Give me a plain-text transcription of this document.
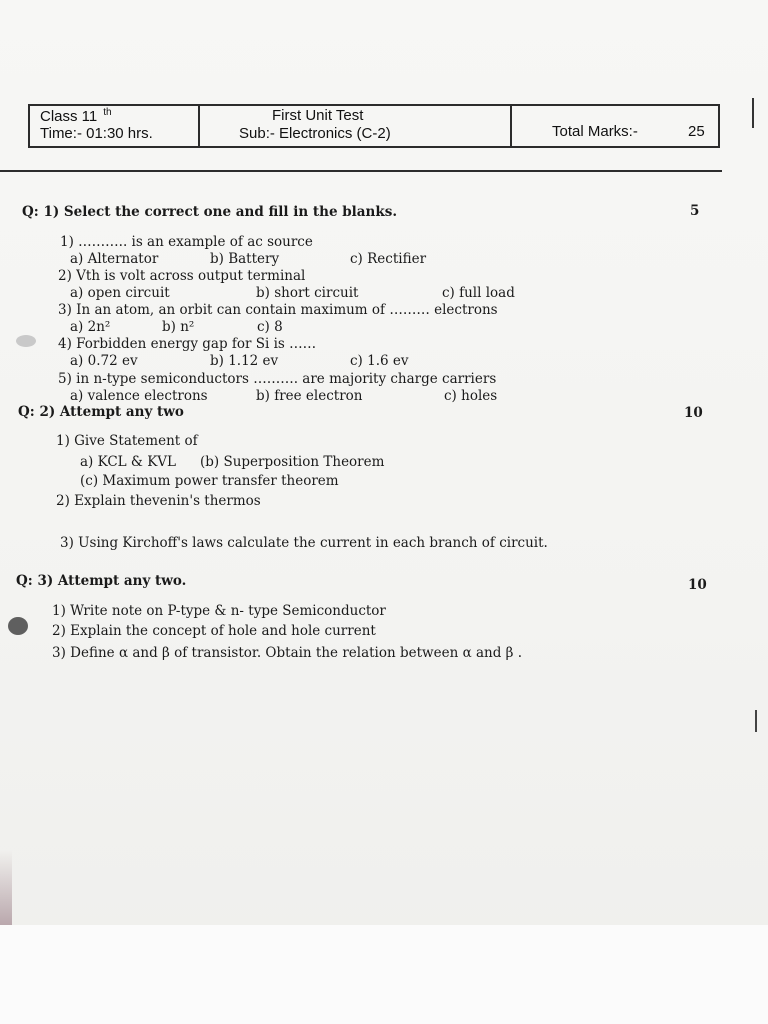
Class 11 $^{th}$
Time:- 01:30 hrs.
First Unit Test
Sub:- Electronics (C-2)	Total Marks:-	25
Q: 1) Select the correct one and fill in the blanks.	5
1) ……….. is an example of ac source
a) Alternator	b) Battery	c) Rectifier
2) Vth is volt across output terminal
a) open circuit	b) short circuit	c) full load
3) In an atom, an orbit can contain maximum of ……… electrons
a) 2n²	b) n²	c) 8
4) Forbidden energy gap for Si is ……
a) 0.72 ev	b) 1.12 ev	c) 1.6 ev
5) in n-type semiconductors ………. are majority charge carriers
a) valence electrons	b) free electron	c) holes
Q: 2) Attempt any two	10
1) Give Statement of
a) KCL & KVL (b) Superposition Theorem
(c) Maximum power transfer theorem
2) Explain thevenin's thermos
3) Using Kirchoff's laws calculate the current in each branch of circuit.
Q: 3) Attempt any two.	10
1) Write note on P-type & n- type Semiconductor
2) Explain the concept of hole and hole current
3) Define α and β of transistor. Obtain the relation between α and β .
